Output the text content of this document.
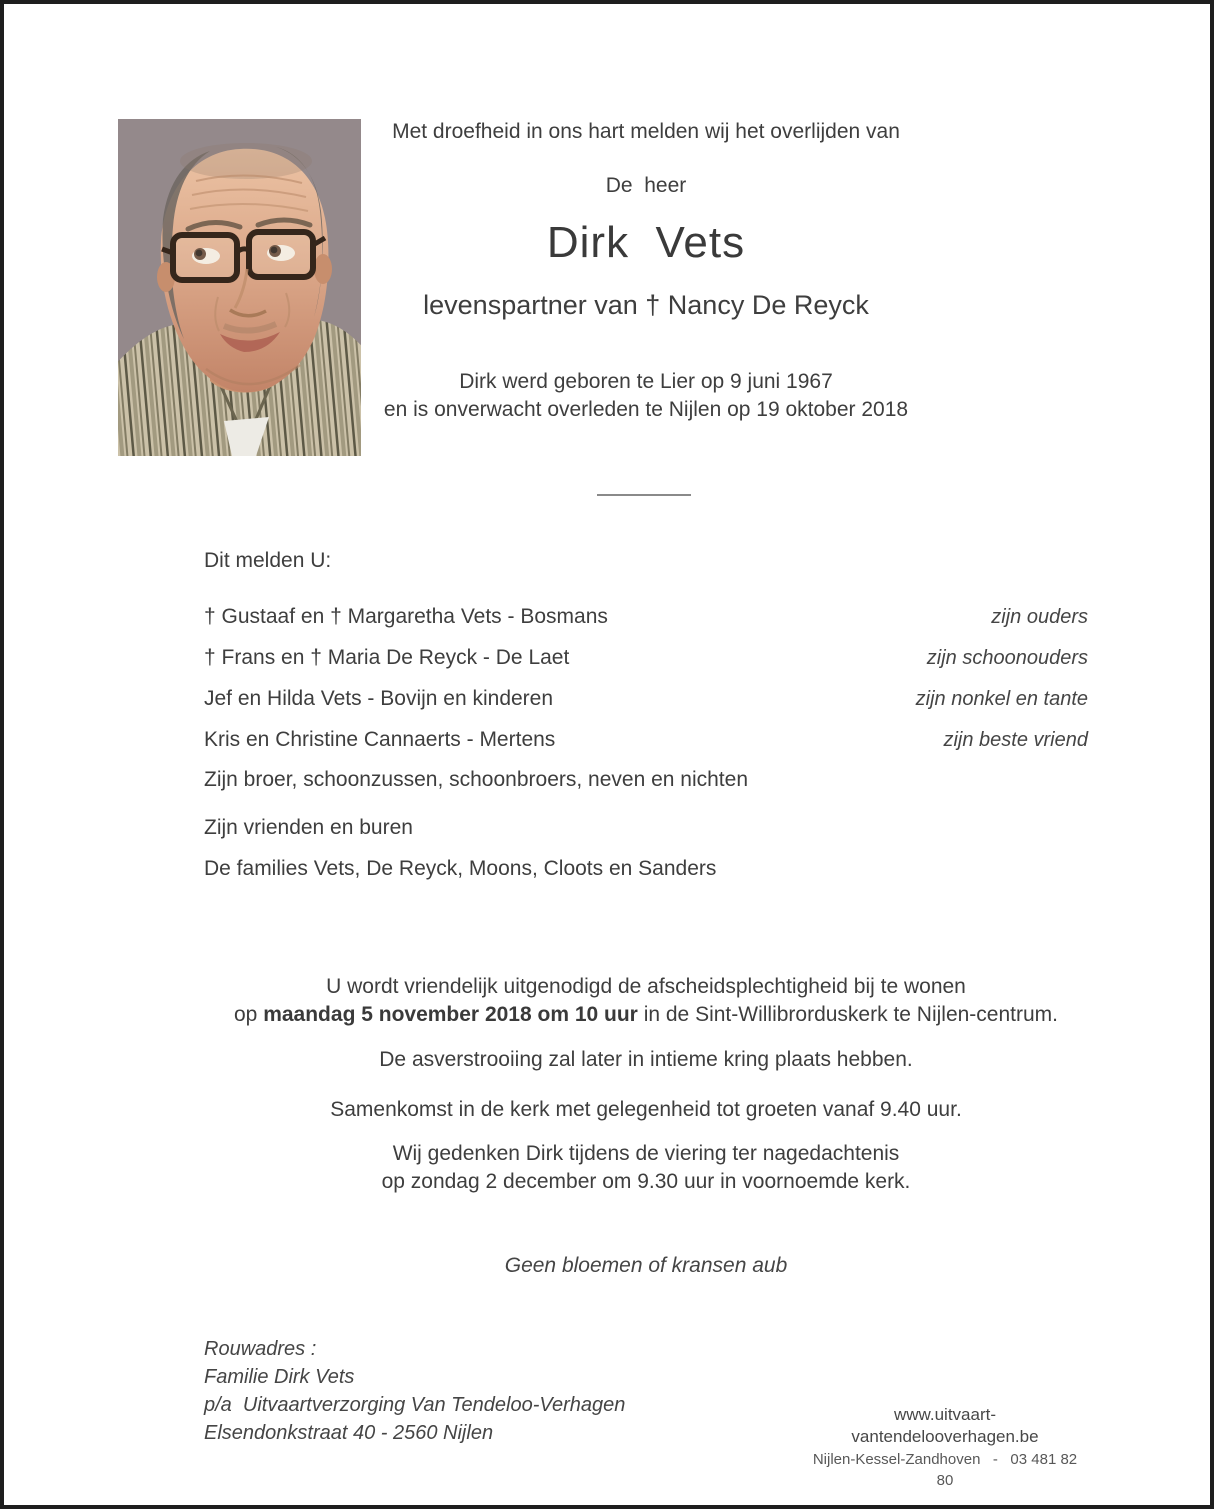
Met droefheid in ons hart melden wij het overlijden van
De  heer
Dirk  Vets
levenspartner van † Nancy De Reyck
Dirk werd geboren te Lier op 9 juni 1967
en is onverwacht overleden te Nijlen op 19 oktober 2018
Dit melden U:
† Gustaaf en † Margaretha Vets - Bosmans	zijn ouders
† Frans en † Maria De Reyck - De Laet	zijn schoonouders
Jef en Hilda Vets - Bovijn en kinderen	zijn nonkel en tante
Kris en Christine Cannaerts - Mertens	zijn beste vriend
Zijn broer, schoonzussen, schoonbroers, neven en nichten
Zijn vrienden en buren
De families Vets, De Reyck, Moons, Cloots en Sanders
U wordt vriendelijk uitgenodigd de afscheidsplechtigheid bij te wonen
op maandag 5 november 2018 om 10 uur in de Sint-Willibrorduskerk te Nijlen-centrum.
De asverstrooiing zal later in intieme kring plaats hebben.
Samenkomst in de kerk met gelegenheid tot groeten vanaf 9.40 uur.
Wij gedenken Dirk tijdens de viering ter nagedachtenis
op zondag 2 december om 9.30 uur in voornoemde kerk.
Geen bloemen of kransen aub
Rouwadres :
Familie Dirk Vets
p/a  Uitvaartverzorging Van Tendeloo-Verhagen
Elsendonkstraat 40 - 2560 Nijlen
www.uitvaart-vantendelooverhagen.be
Nijlen-Kessel-Zandhoven   -   03 481 82 80
